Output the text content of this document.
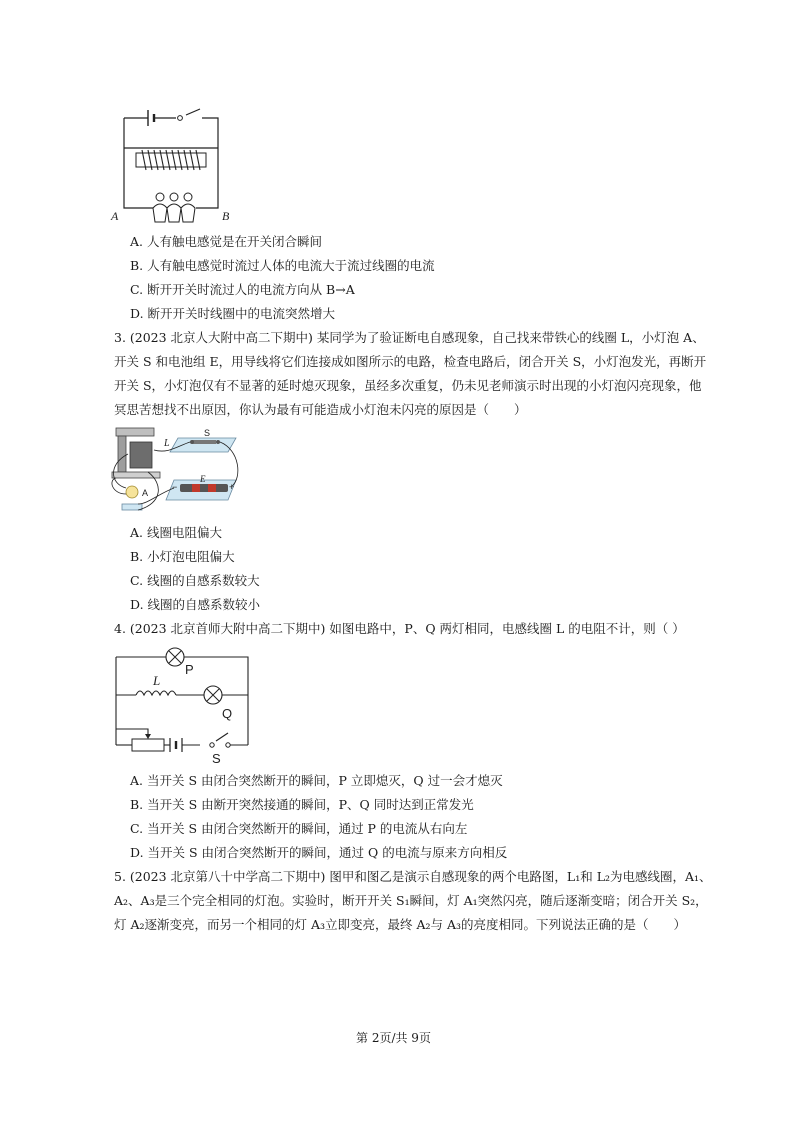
A	B
A. 人有触电感觉是在开关闭合瞬间
B. 人有触电感觉时流过人体的电流大于流过线圈的电流
C. 断开开关时流过人的电流方向从 B→A
D. 断开开关时线圈中的电流突然增大
3. (2023 北京人大附中高二下期中) 某同学为了验证断电自感现象，自己找来带铁心的线圈 L，小灯泡 A、
开关 S 和电池组 E，用导线将它们连接成如图所示的电路，检查电路后，闭合开关 S，小灯泡发光，再断开
开关 S，小灯泡仅有不显著的延时熄灭现象，虽经多次重复，仍未见老师演示时出现的小灯泡闪亮现象，他
冥思苦想找不出原因，你认为最有可能造成小灯泡未闪亮的原因是（　　）
L
S
E
−	+
A
A. 线圈电阻偏大
B. 小灯泡电阻偏大
C. 线圈的自感系数较大
D. 线圈的自感系数较小
4. (2023 北京首师大附中高二下期中) 如图电路中，P、Q 两灯相同，电感线圈 L 的电阻不计，则（ ）
P
L
Q
S
A. 当开关 S 由闭合突然断开的瞬间，P 立即熄灭，Q 过一会才熄灭
B. 当开关 S 由断开突然接通的瞬间，P、Q 同时达到正常发光
C. 当开关 S 由闭合突然断开的瞬间，通过 P 的电流从右向左
D. 当开关 S 由闭合突然断开的瞬间，通过 Q 的电流与原来方向相反
5. (2023 北京第八十中学高二下期中) 图甲和图乙是演示自感现象的两个电路图，L₁和 L₂为电感线圈，A₁、
A₂、A₃是三个完全相同的灯泡。实验时，断开开关 S₁瞬间，灯 A₁突然闪亮，随后逐渐变暗；闭合开关 S₂，
灯 A₂逐渐变亮，而另一个相同的灯 A₃立即变亮，最终 A₂与 A₃的亮度相同。下列说法正确的是（　　）
第 2页/共 9页
